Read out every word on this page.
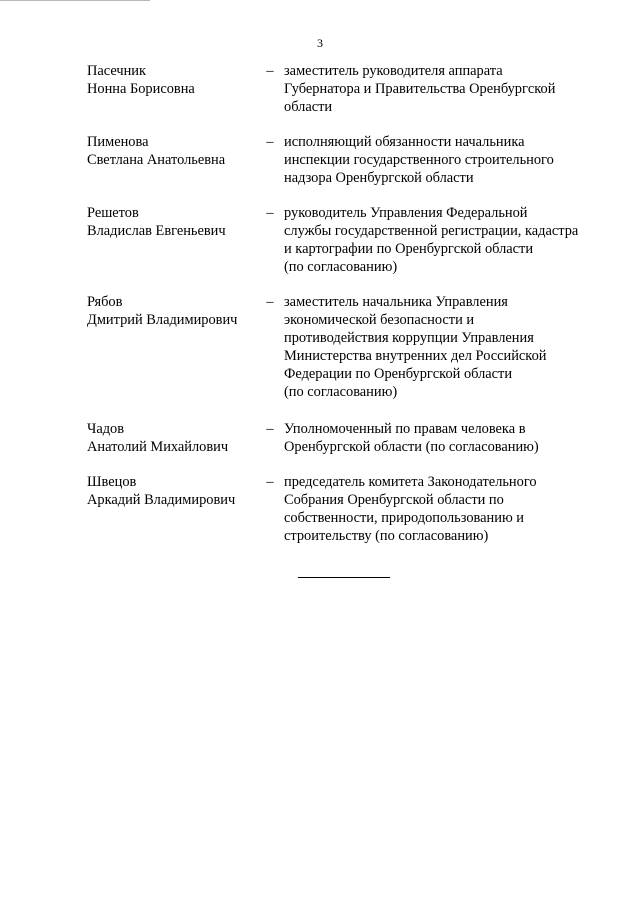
3
Пасечник
Нонна Борисовна
– заместитель руководителя аппарата
Губернатора и Правительства Оренбургской
области
Пименова
Светлана Анатольевна
– исполняющий обязанности начальника
инспекции государственного строительного
надзора Оренбургской области
Решетов
Владислав Евгеньевич
– руководитель Управления Федеральной
службы государственной регистрации, кадастра
и картографии по Оренбургской области
(по согласованию)
Рябов
Дмитрий Владимирович
– заместитель начальника Управления
экономической безопасности и
противодействия коррупции Управления
Министерства внутренних дел Российской
Федерации по Оренбургской области
(по согласованию)
Чадов
Анатолий Михайлович
– Уполномоченный по правам человека в
Оренбургской области (по согласованию)
Швецов
Аркадий Владимирович
– председатель комитета Законодательного
Собрания Оренбургской области по
собственности, природопользованию и
строительству (по согласованию)
